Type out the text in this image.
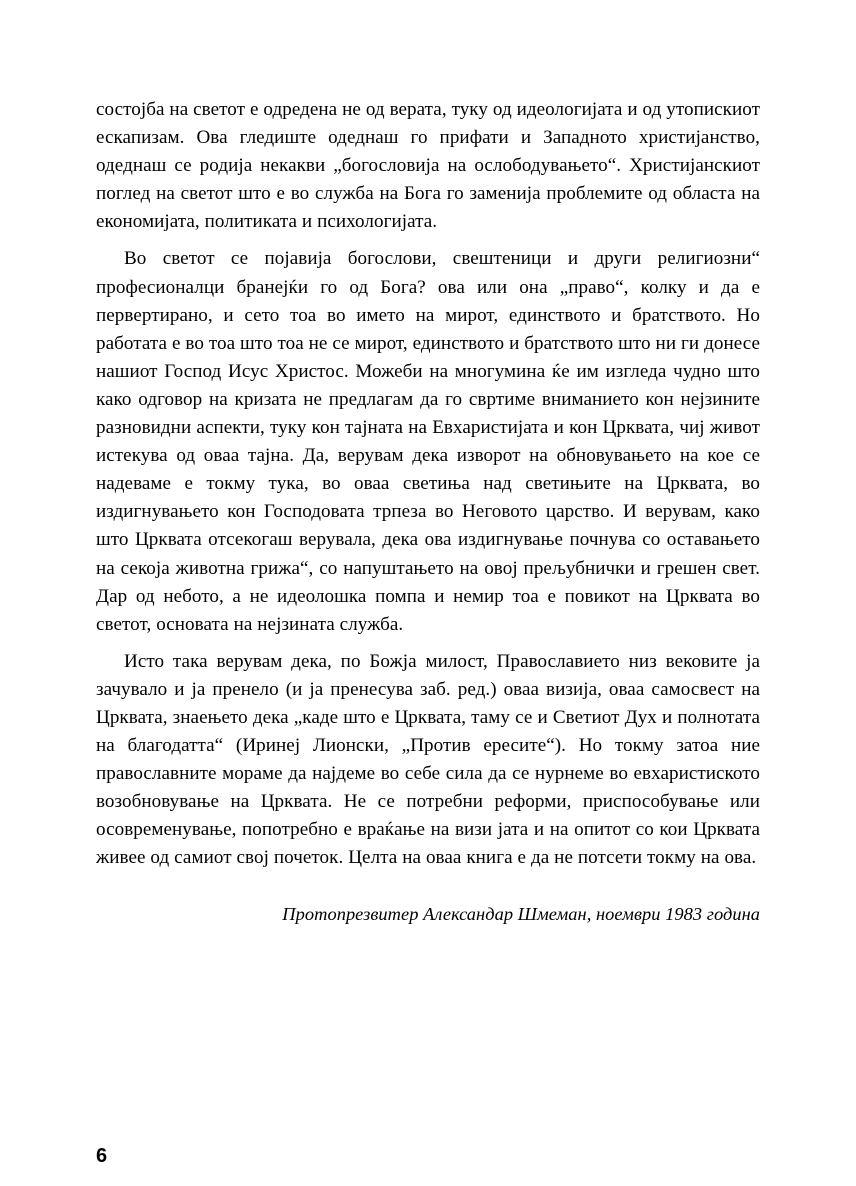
состојба на светот е одредена не од верата, туку од идеологијата и од утопискиот ескапизам. Ова гледиште одеднаш го прифати и Западното христијанство, одеднаш се родија некакви „богословија на ослободувањето“. Христијанскиот поглед на светот што е во служба на Бога го заменија проблемите од областа на економијата, политиката и психологијата.

Во светот се појавија богослови, свештеници и други религиозни“ професионалци бранејќи го од Бога? ова или она „право“, колку и да е первертирано, и сето тоа во името на мирот, единството и братството. Но работата е во тоа што тоа не се мирот, единството и братството што ни ги донесе нашиот Господ Исус Христос. Можеби на многумина ќе им изгледа чудно што како одговор на кризата не предлагам да го свртиме вниманието кон нејзините разновидни аспекти, туку кон тајната на Евхаристијата и кон Црквата, чиј живот истекува од оваа тајна. Да, верувам дека изворот на обновувањето на кое се надеваме е токму тука, во оваа светиња над светињите на Црквата, во издигнувањето кон Господовата трпеза во Неговото царство. И верувам, како што Црквата отсекогаш верувала, дека ова издигнување почнува со оставањето на секоја животна грижа“, со напуштањето на овој прељубнички и грешен свет. Дар од небото, а не идеолошка помпа и немир тоа е повикот на Црквата во светот, основата на нејзината служба.

Исто така верувам дека, по Божја милост, Православието низ вековите ја зачувало и ја пренело (и ја пренесува заб. ред.) оваа визија, оваа самосвест на Црквата, знаењето дека „каде што е Црквата, таму се и Светиот Дух и полнотата на благодатта“ (Иринеј Лионски, „Против ересите“). Но токму затоа ние православните мораме да најдеме во себе сила да се нурнеме во евхаристиското возобновување на Црквата. Не се потребни реформи, приспособување или осовременување, попотребно е враќање на визи јата и на опитот со кои Црквата живее од самиот свој почеток. Целта на оваа книга е да не потсети токму на ова.

Протопрезвитер Александар Шмеман, ноември 1983 година

6
